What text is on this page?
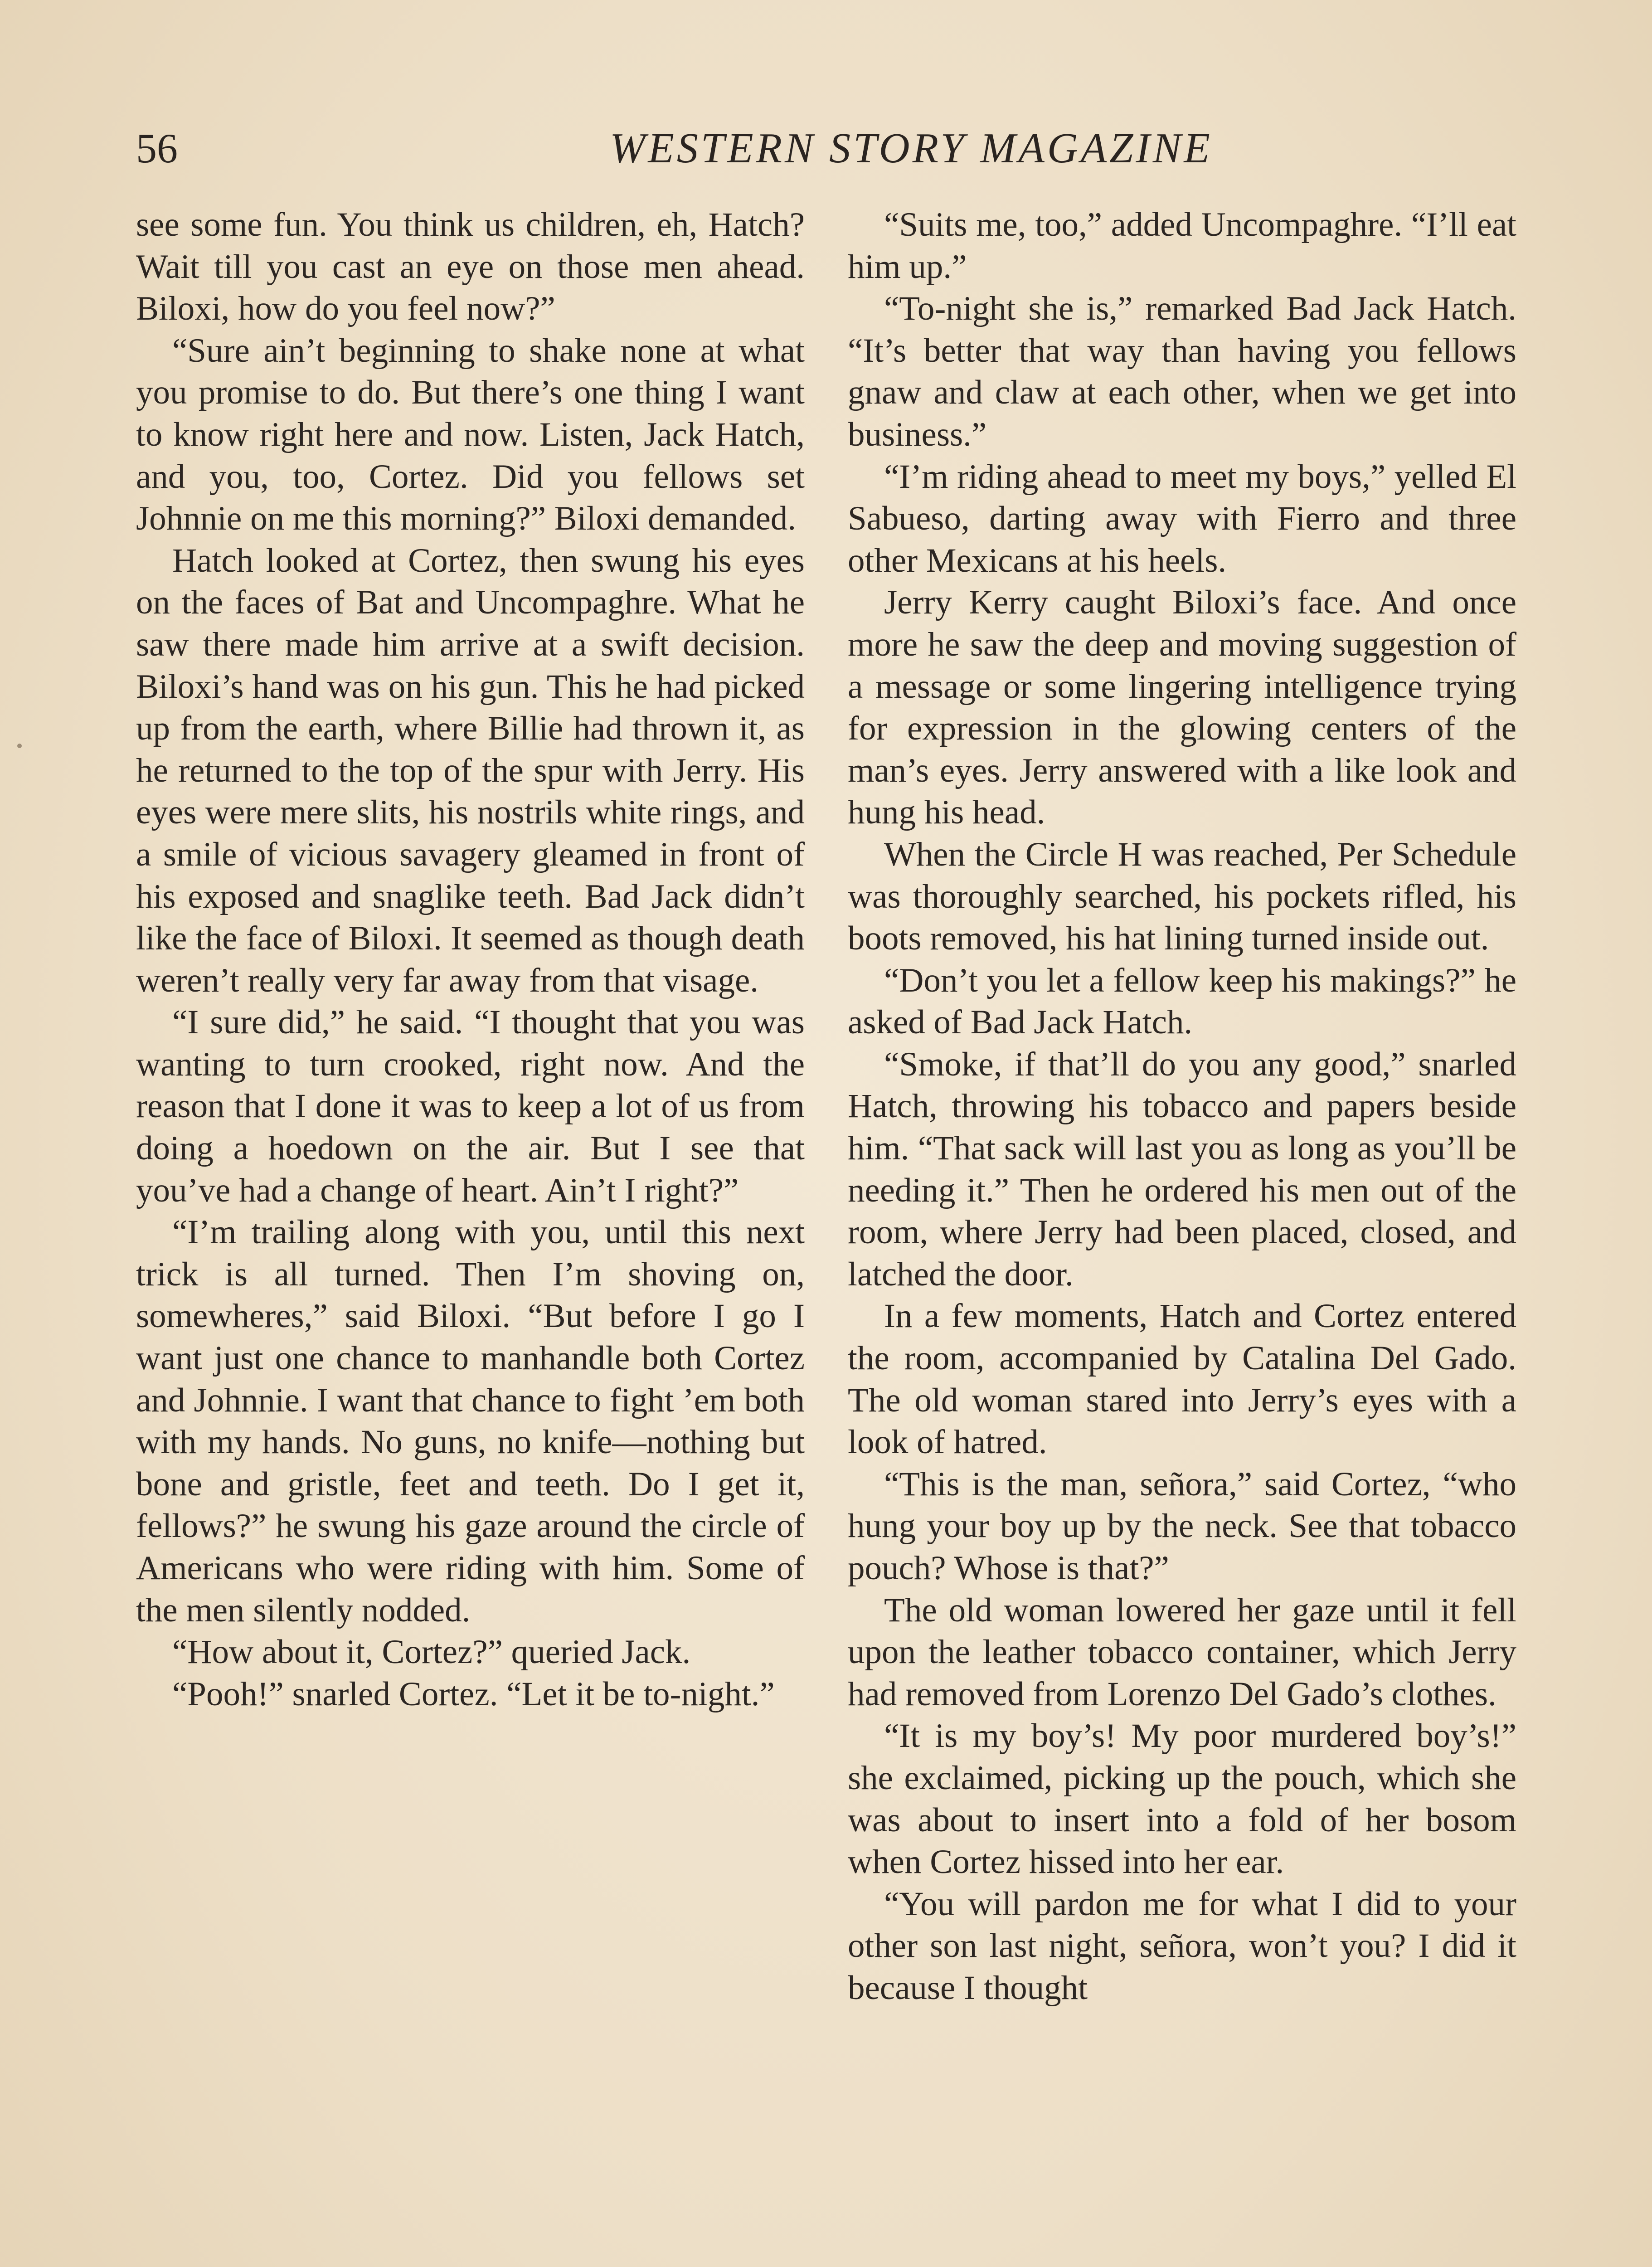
56	WESTERN STORY MAGAZINE

see some fun. You think us children, eh, Hatch? Wait till you cast an eye on those men ahead. Biloxi, how do you feel now?”

“Sure ain’t beginning to shake none at what you promise to do. But there’s one thing I want to know right here and now. Listen, Jack Hatch, and you, too, Cortez. Did you fellows set Johnnie on me this morning?” Biloxi demanded.

Hatch looked at Cortez, then swung his eyes on the faces of Bat and Uncompaghre. What he saw there made him arrive at a swift decision. Biloxi’s hand was on his gun. This he had picked up from the earth, where Billie had thrown it, as he returned to the top of the spur with Jerry. His eyes were mere slits, his nostrils white rings, and a smile of vicious savagery gleamed in front of his exposed and snaglike teeth. Bad Jack didn’t like the face of Biloxi. It seemed as though death weren’t really very far away from that visage.

“I sure did,” he said. “I thought that you was wanting to turn crooked, right now. And the reason that I done it was to keep a lot of us from doing a hoedown on the air. But I see that you’ve had a change of heart. Ain’t I right?”

“I’m trailing along with you, until this next trick is all turned. Then I’m shoving on, somewheres,” said Biloxi. “But before I go I want just one chance to manhandle both Cortez and Johnnie. I want that chance to fight ’em both with my hands. No guns, no knife—nothing but bone and gristle, feet and teeth. Do I get it, fellows?” he swung his gaze around the circle of Americans who were riding with him. Some of the men silently nodded.

“How about it, Cortez?” queried Jack.

“Pooh!” snarled Cortez. “Let it be to-night.”

“Suits me, too,” added Uncompaghre. “I’ll eat him up.”

“To-night she is,” remarked Bad Jack Hatch. “It’s better that way than having you fellows gnaw and claw at each other, when we get into business.”

“I’m riding ahead to meet my boys,” yelled El Sabueso, darting away with Fierro and three other Mexicans at his heels.

Jerry Kerry caught Biloxi’s face. And once more he saw the deep and moving suggestion of a message or some lingering intelligence trying for expression in the glowing centers of the man’s eyes. Jerry answered with a like look and hung his head.

When the Circle H was reached, Per Schedule was thoroughly searched, his pockets rifled, his boots removed, his hat lining turned inside out.

“Don’t you let a fellow keep his makings?” he asked of Bad Jack Hatch.

“Smoke, if that’ll do you any good,” snarled Hatch, throwing his tobacco and papers beside him. “That sack will last you as long as you’ll be needing it.” Then he ordered his men out of the room, where Jerry had been placed, closed, and latched the door.

In a few moments, Hatch and Cortez entered the room, accompanied by Catalina Del Gado. The old woman stared into Jerry’s eyes with a look of hatred.

“This is the man, señora,” said Cortez, “who hung your boy up by the neck. See that tobacco pouch? Whose is that?”

The old woman lowered her gaze until it fell upon the leather tobacco container, which Jerry had removed from Lorenzo Del Gado’s clothes.

“It is my boy’s! My poor murdered boy’s!” she exclaimed, picking up the pouch, which she was about to insert into a fold of her bosom when Cortez hissed into her ear.

“You will pardon me for what I did to your other son last night, señora, won’t you? I did it because I thought
